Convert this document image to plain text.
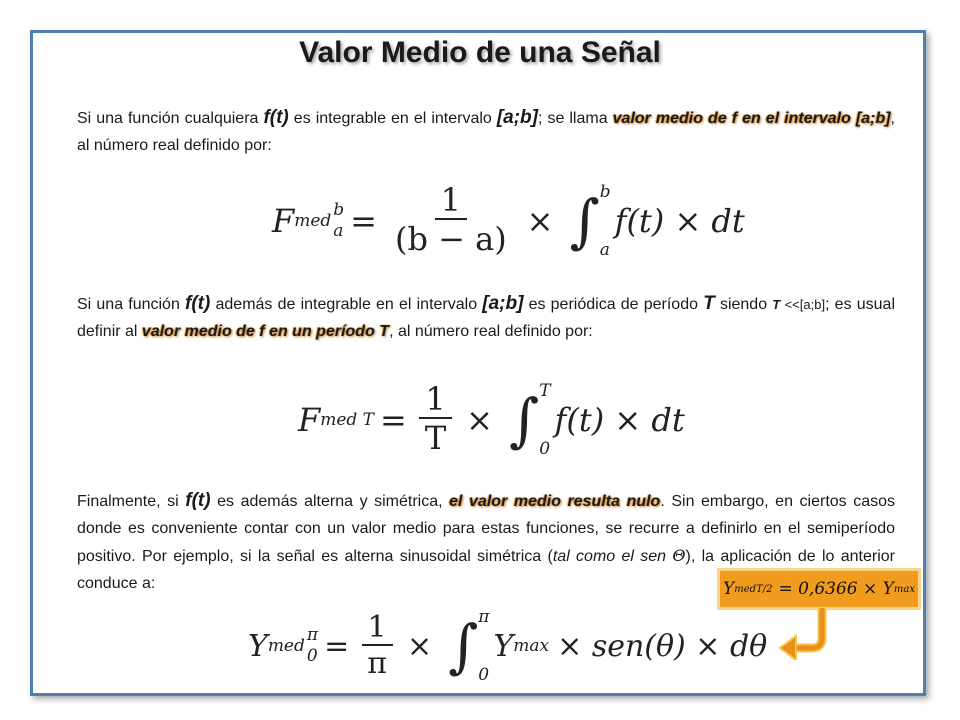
Valor Medio de una Señal
Si una función cualquiera f(t) es integrable en el intervalo [a;b]; se llama valor medio de f en el intervalo [a;b], al número real definido por:
F med
b
$a = \frac{1}{(b - a)}$ × ∫ b
a
f(t) × dt
Si una función f(t) además de integrable en el intervalo [a;b] es periódica de período T siendo T <<[a;b]; es usual definir al valor medio de f en un período T, al número real definido por:
F med $T = \frac{1}{T}$ × ∫ T
0
f(t) × dt
Finalmente, si f(t) es además alterna y simétrica, el valor medio resulta nulo. Sin embargo, en ciertos casos donde es conveniente contar con un valor medio para estas funciones, se recurre a definirlo en el semiperíodo positivo. Por ejemplo, si la señal es alterna sinusoidal simétrica (tal como el sen Θ), la aplicación de lo anterior conduce a:
Y med
π
$0 = \frac{1}{\pi}$ × ∫ π
0
Y max × sen(θ) × dθ
Y medT/2 = 0,6366 × Y max
